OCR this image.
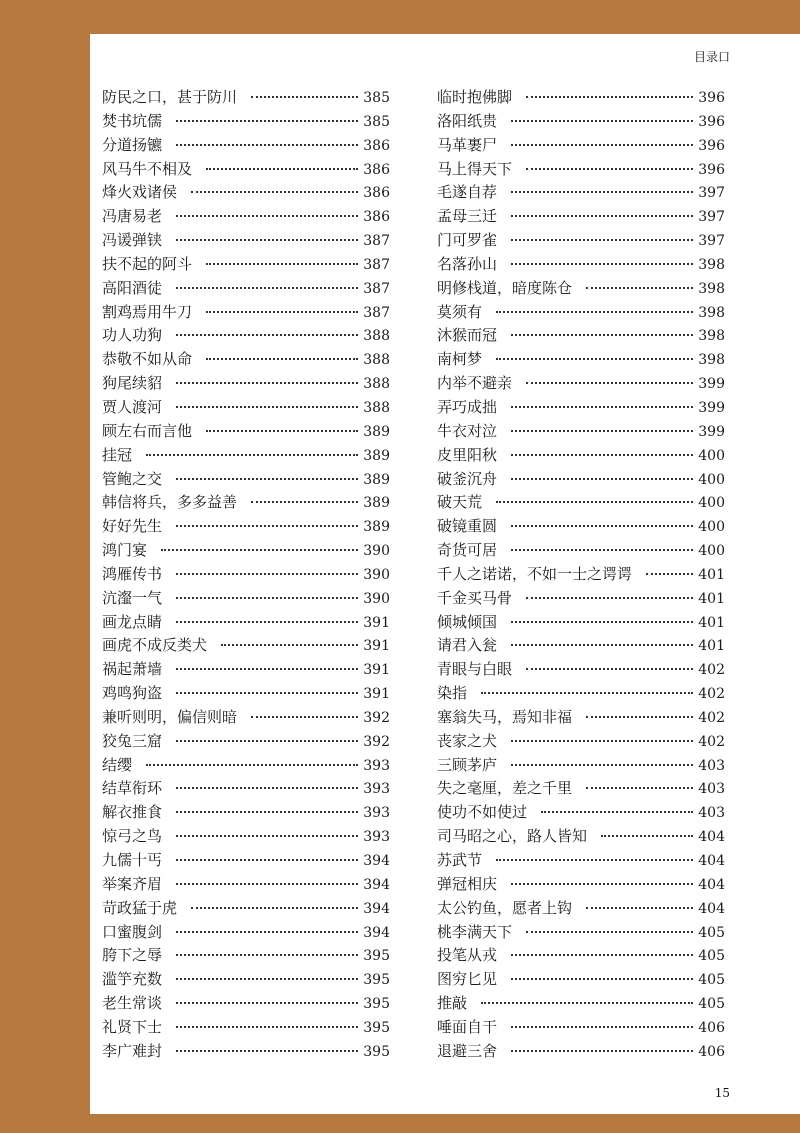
目录口
防民之口，甚于防川	385
焚书坑儒	385
分道扬镳	386
风马牛不相及	386
烽火戏诸侯	386
冯唐易老	386
冯谖弹铗	387
扶不起的阿斗	387
高阳酒徒	387
割鸡焉用牛刀	387
功人功狗	388
恭敬不如从命	388
狗尾续貂	388
贾人渡河	388
顾左右而言他	389
挂冠	389
管鲍之交	389
韩信将兵，多多益善	389
好好先生	389
鸿门宴	390
鸿雁传书	390
沆瀣一气	390
画龙点睛	391
画虎不成反类犬	391
祸起萧墙	391
鸡鸣狗盗	391
兼听则明，偏信则暗	392
狡兔三窟	392
结缨	393
结草衔环	393
解衣推食	393
惊弓之鸟	393
九儒十丐	394
举案齐眉	394
苛政猛于虎	394
口蜜腹剑	394
胯下之辱	395
滥竽充数	395
老生常谈	395
礼贤下士	395
李广难封	395
临时抱佛脚	396
洛阳纸贵	396
马革裹尸	396
马上得天下	396
毛遂自荐	397
孟母三迁	397
门可罗雀	397
名落孙山	398
明修栈道，暗度陈仓	398
莫须有	398
沐猴而冠	398
南柯梦	398
内举不避亲	399
弄巧成拙	399
牛衣对泣	399
皮里阳秋	400
破釜沉舟	400
破天荒	400
破镜重圆	400
奇货可居	400
千人之诺诺，不如一士之谔谔	401
千金买马骨	401
倾城倾国	401
请君入瓮	401
青眼与白眼	402
染指	402
塞翁失马，焉知非福	402
丧家之犬	402
三顾茅庐	403
失之毫厘，差之千里	403
使功不如使过	403
司马昭之心，路人皆知	404
苏武节	404
弹冠相庆	404
太公钓鱼，愿者上钩	404
桃李满天下	405
投笔从戎	405
图穷匕见	405
推敲	405
唾面自干	406
退避三舍	406
15
